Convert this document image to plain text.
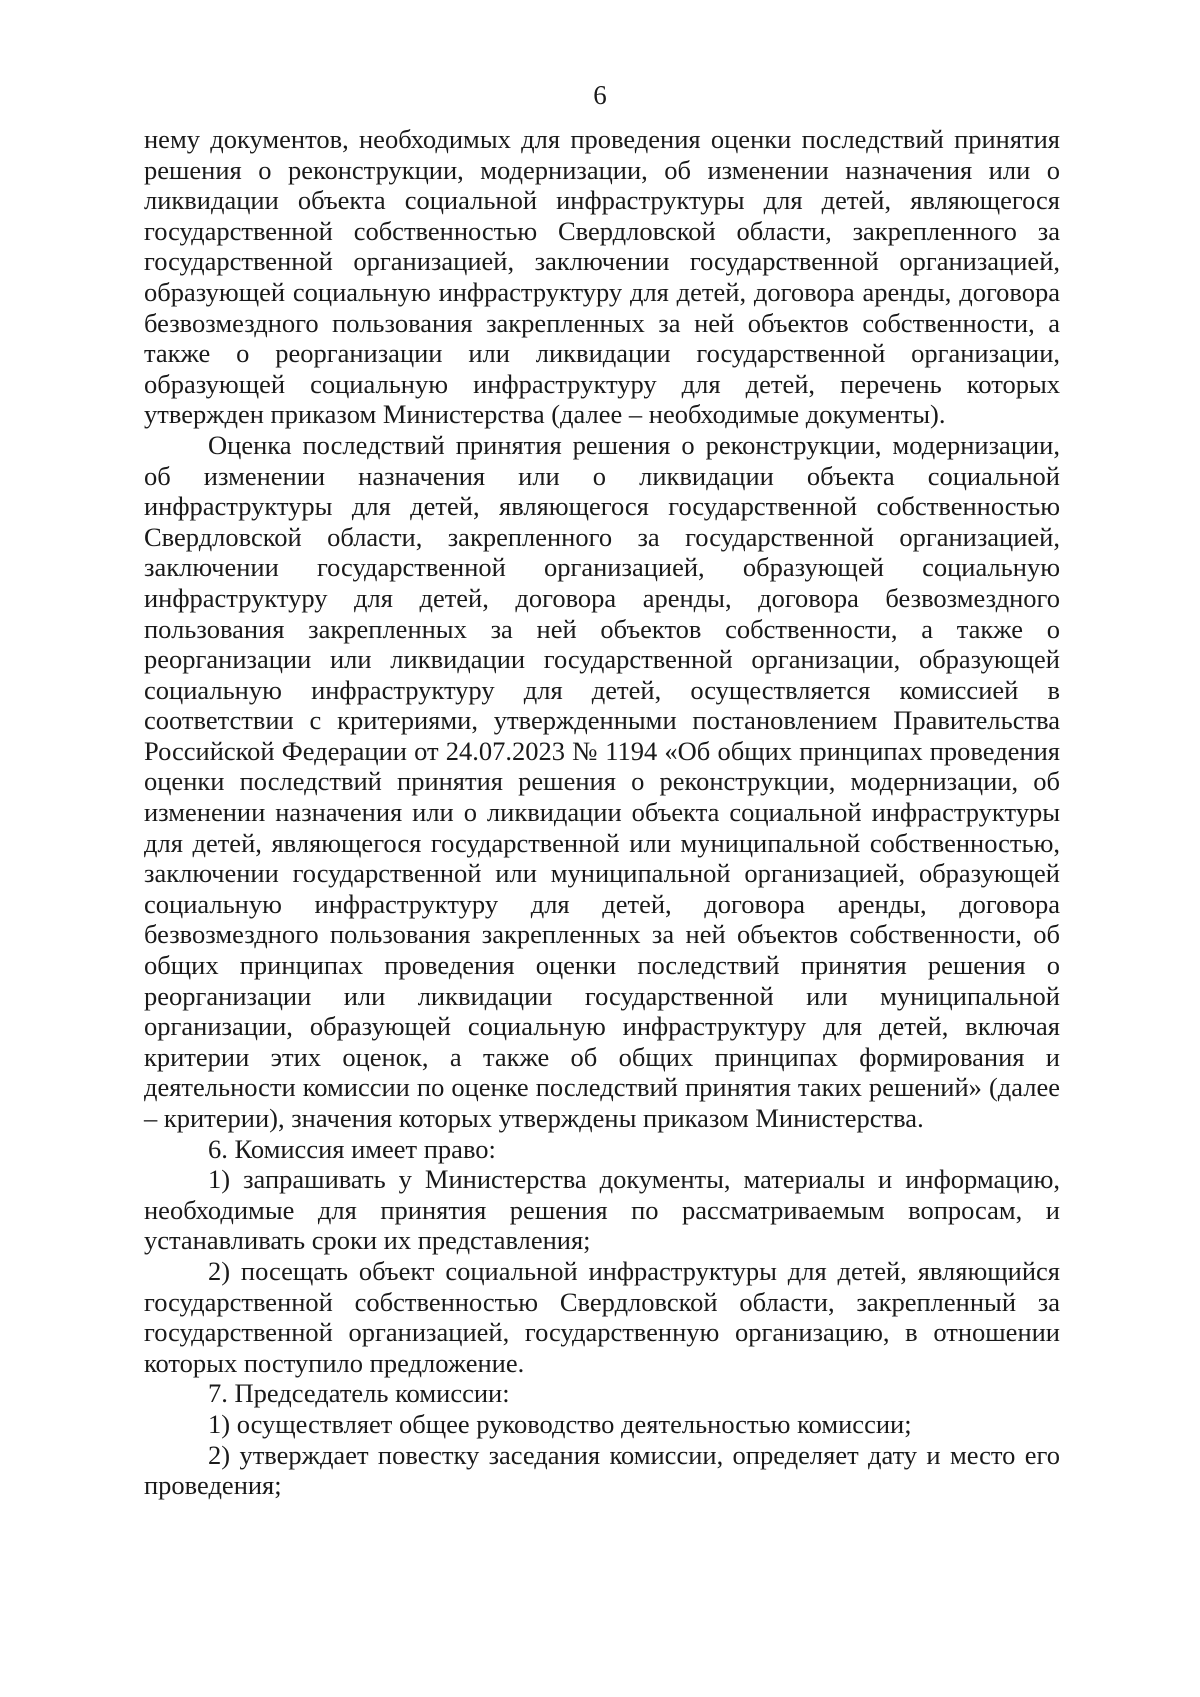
6

нему документов, необходимых для проведения оценки последствий принятия решения о реконструкции, модернизации, об изменении назначения или о ликвидации объекта социальной инфраструктуры для детей, являющегося государственной собственностью Свердловской области, закрепленного за государственной организацией, заключении государственной организацией, образующей социальную инфраструктуру для детей, договора аренды, договора безвозмездного пользования закрепленных за ней объектов собственности, а также о реорганизации или ликвидации государственной организации, образующей социальную инфраструктуру для детей, перечень которых утвержден приказом Министерства (далее – необходимые документы).

Оценка последствий принятия решения о реконструкции, модернизации, об изменении назначения или о ликвидации объекта социальной инфраструктуры для детей, являющегося государственной собственностью Свердловской области, закрепленного за государственной организацией, заключении государственной организацией, образующей социальную инфраструктуру для детей, договора аренды, договора безвозмездного пользования закрепленных за ней объектов собственности, а также о реорганизации или ликвидации государственной организации, образующей социальную инфраструктуру для детей, осуществляется комиссией в соответствии с критериями, утвержденными постановлением Правительства Российской Федерации от 24.07.2023 № 1194 «Об общих принципах проведения оценки последствий принятия решения о реконструкции, модернизации, об изменении назначения или о ликвидации объекта социальной инфраструктуры для детей, являющегося государственной или муниципальной собственностью, заключении государственной или муниципальной организацией, образующей социальную инфраструктуру для детей, договора аренды, договора безвозмездного пользования закрепленных за ней объектов собственности, об общих принципах проведения оценки последствий принятия решения о реорганизации или ликвидации государственной или муниципальной организации, образующей социальную инфраструктуру для детей, включая критерии этих оценок, а также об общих принципах формирования и деятельности комиссии по оценке последствий принятия таких решений» (далее – критерии), значения которых утверждены приказом Министерства.

6. Комиссия имеет право:

1) запрашивать у Министерства документы, материалы и информацию, необходимые для принятия решения по рассматриваемым вопросам, и устанавливать сроки их представления;

2) посещать объект социальной инфраструктуры для детей, являющийся государственной собственностью Свердловской области, закрепленный за государственной организацией, государственную организацию, в отношении которых поступило предложение.

7. Председатель комиссии:

1) осуществляет общее руководство деятельностью комиссии;

2) утверждает повестку заседания комиссии, определяет дату и место его проведения;
